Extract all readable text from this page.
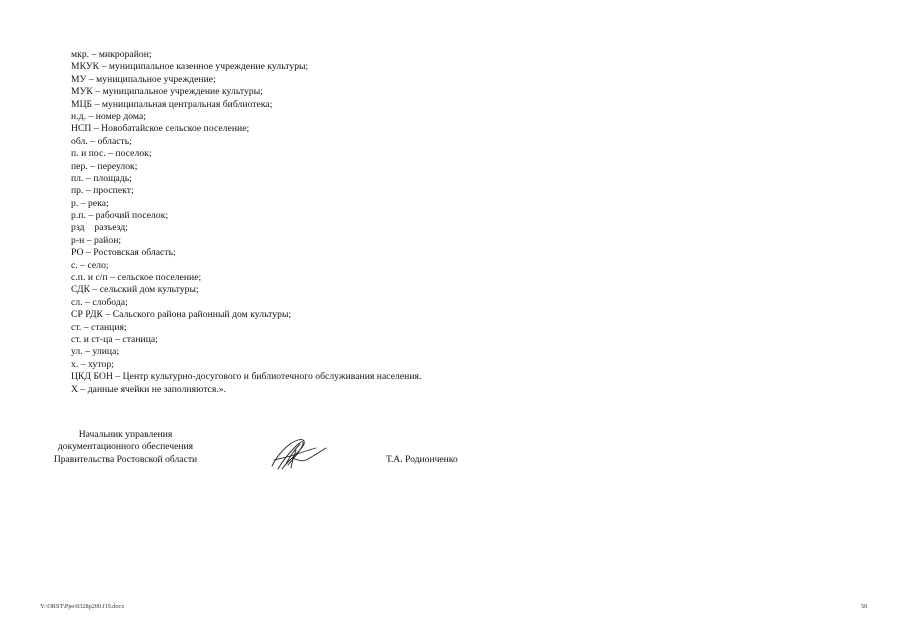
мкр. – микрорайон;
МКУК – муниципальное казенное учреждение культуры;
МУ – муниципальное учреждение;
МУК – муниципальное учреждение культуры;
МЦБ – муниципальная центральная библиотека;
н.д. – номер дома;
НСП – Новобатайское сельское поселение;
обл. – область;
п. и пос. – поселок;
пер. – переулок;
пл. – площадь;
пр. – проспект;
р. – река;
р.п. – рабочий поселок;
рзд    разъезд;
р-н – район;
РО – Ростовская область;
с. – село;
с.п. и с/п – сельское поселение;
СДК – сельский дом культуры;
сл. – слобода;
СР РДК – Сальского района районный дом культуры;
ст. – станция;
ст. и ст-ца – станица;
ул. – улица;
х. – хутор;
ЦКД БОН – Центр культурно-досугового и библиотечного обслуживания населения.
Х – данные ячейки не заполняются.».
Начальник управления
документационного обеспечения
Правительства Ростовской области	Т.А. Родионченко
Y:\ORST\Ppo\0328p200.f19.docx	50
